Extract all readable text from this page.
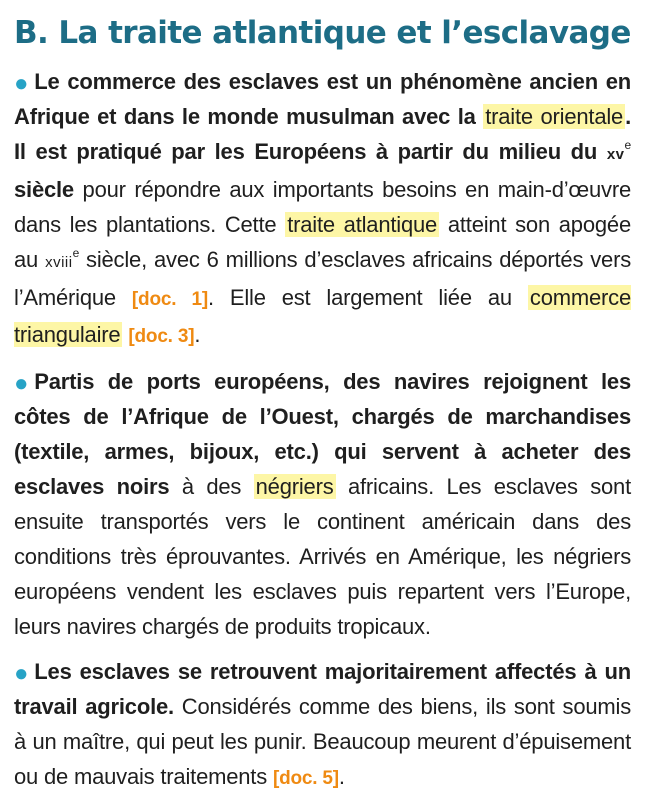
B. La traite atlantique et l’esclavage

● Le commerce des esclaves est un phénomène ancien en Afrique et dans le monde musulman avec la traite orientale. Il est pratiqué par les Européens à partir du milieu du $xv^e$ siècle pour répondre aux importants besoins en main-d’œuvre dans les plantations. Cette traite atlantique atteint son apogée au xviii$^e$ siècle, avec 6 millions d’esclaves africains déportés vers l’Amérique [doc. 1]. Elle est largement liée au commerce triangulaire [doc. 3].

● Partis de ports européens, des navires rejoignent les côtes de l’Afrique de l’Ouest, chargés de marchandises (textile, armes, bijoux, etc.) qui servent à acheter des esclaves noirs à des négriers africains. Les esclaves sont ensuite transportés vers le continent américain dans des conditions très éprouvantes. Arrivés en Amérique, les négriers européens vendent les esclaves puis repartent vers l’Europe, leurs navires chargés de produits tropicaux.

● Les esclaves se retrouvent majoritairement affectés à un travail agricole. Considérés comme des biens, ils sont soumis à un maître, qui peut les punir. Beaucoup meurent d’épuisement ou de mauvais traitements [doc. 5].
